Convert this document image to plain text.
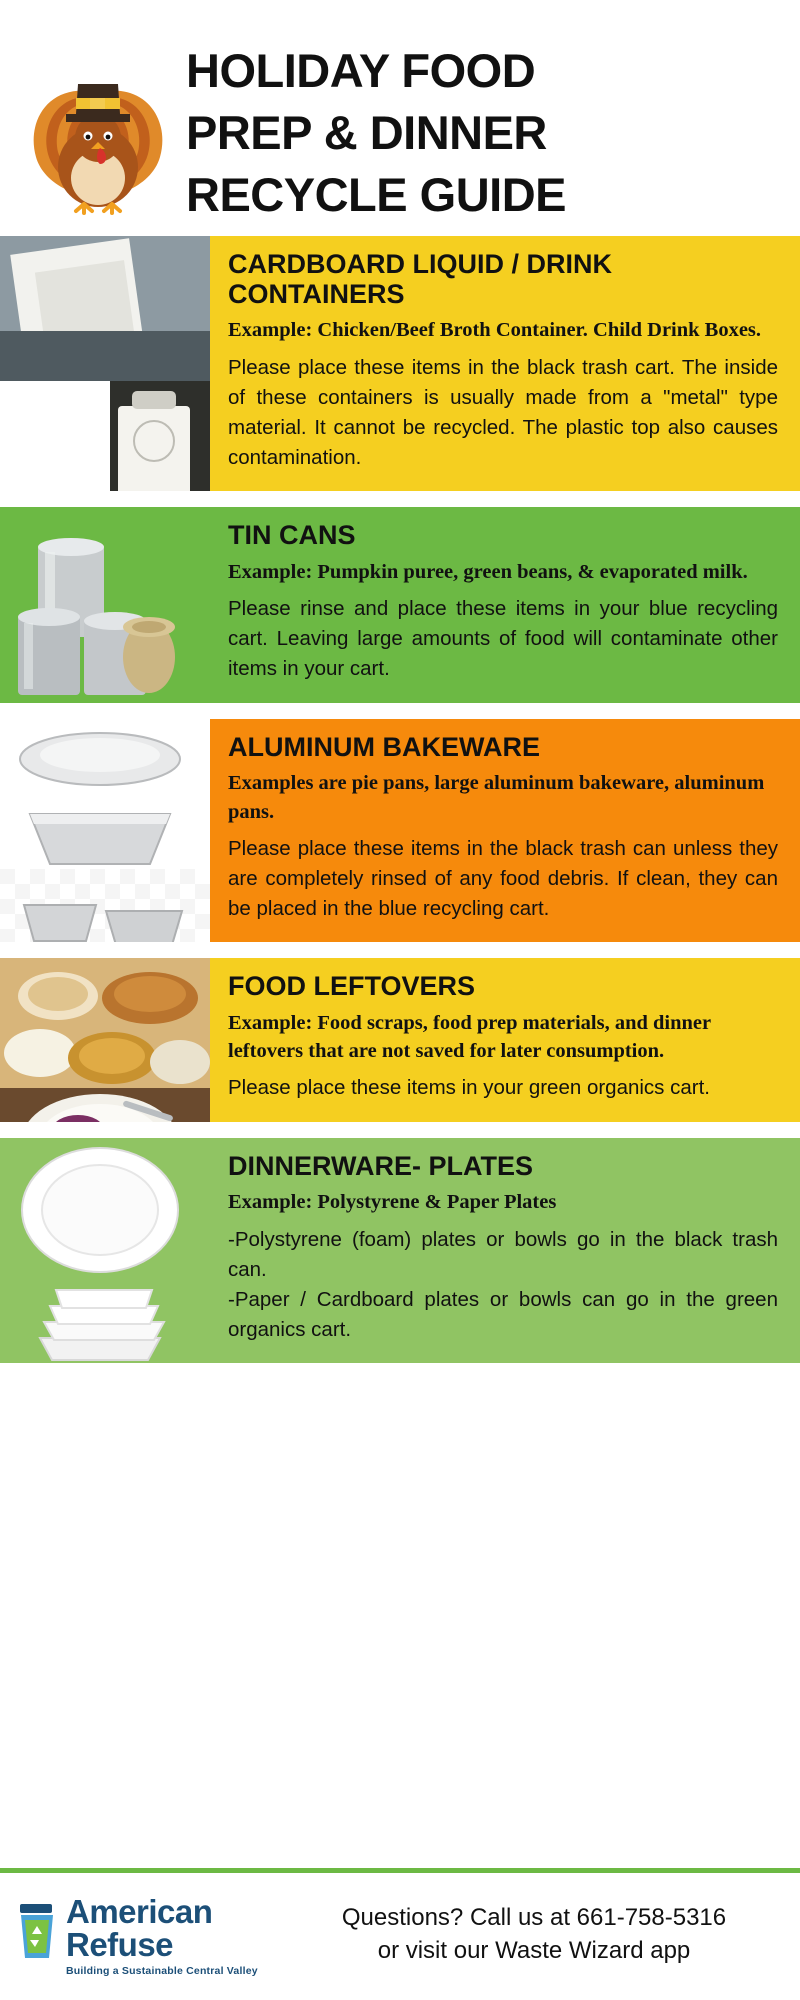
HOLIDAY FOOD
PREP & DINNER
RECYCLE GUIDE
CARDBOARD LIQUID / DRINK CONTAINERS

Example: Chicken/Beef Broth Container. Child Drink Boxes.

Please place these items in the black trash cart. The inside of these containers is usually made from a "metal" type material. It cannot be recycled. The plastic top also causes contamination.

TIN CANS

Example: Pumpkin puree, green beans, & evaporated milk.

Please rinse and place these items in your blue recycling cart. Leaving large amounts of food will contaminate other items in your cart.

ALUMINUM BAKEWARE

Examples are pie pans, large aluminum bakeware, aluminum pans.

Please place these items in the black trash can unless they are completely rinsed of any food debris. If clean, they can be placed in the blue recycling cart.

FOOD LEFTOVERS

Example: Food scraps, food prep materials, and dinner leftovers that are not saved for later consumption.

Please place these items in your green organics cart.

DINNERWARE- PLATES

Example: Polystyrene & Paper Plates

-Polystyrene (foam) plates or bowls go in the black trash can.
-Paper / Cardboard plates or bowls can go in the green organics cart.

American
Refuse
Building a Sustainable Central Valley
Questions? Call us at 661-758-5316
or visit our Waste Wizard app
